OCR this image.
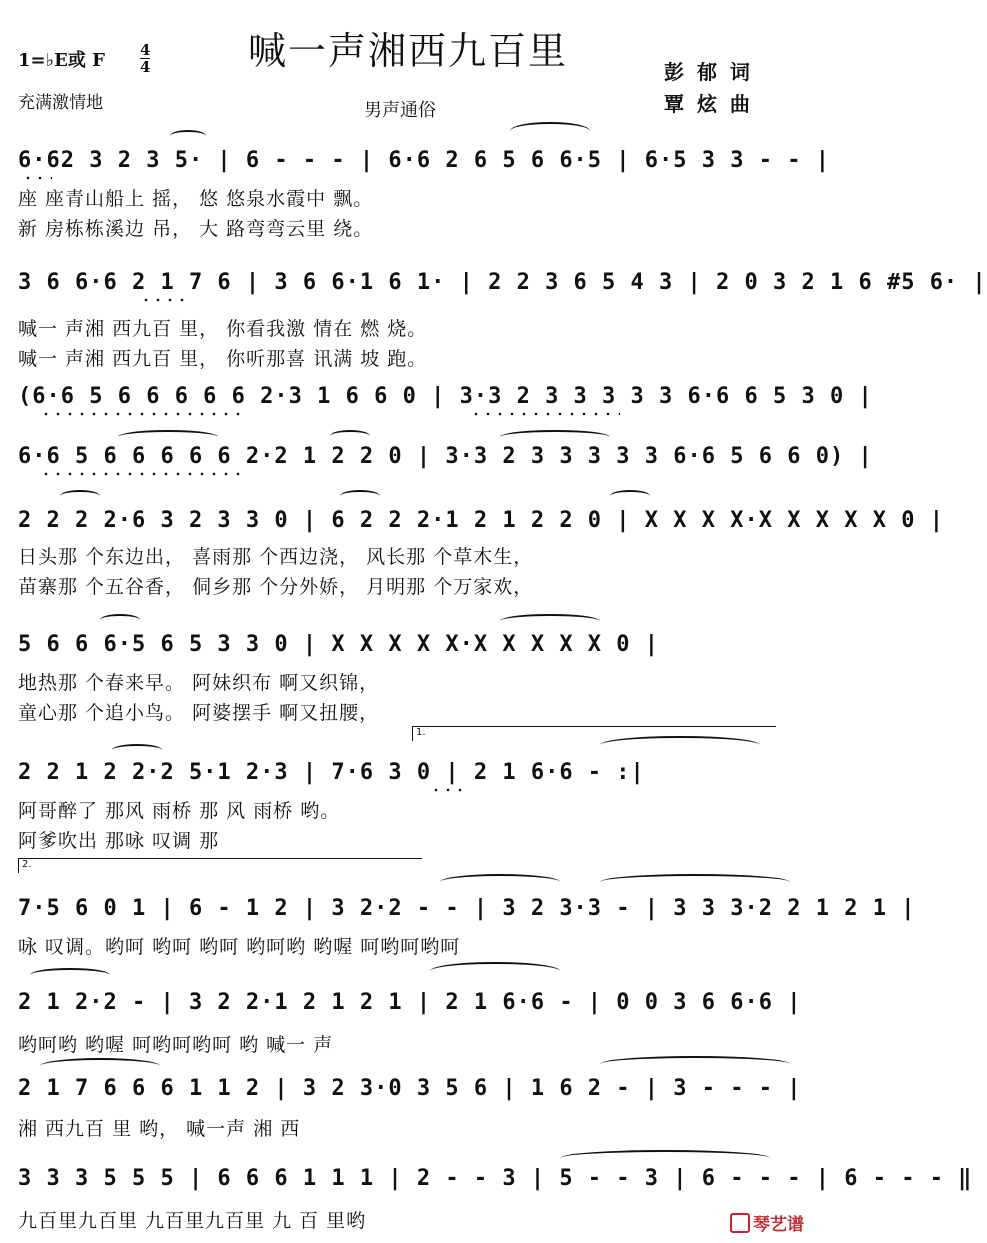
喊一声湘西九百里
1=♭E或 F 4
4
充满激情地	男声通俗
彭 郁 词
覃 炫 曲
6·62 3 2 3 5· | 6 - - - | 6·6 2 6 5 6 6·5 | 6·5 3 3 - - |
座 座青山船上 摇， 悠 悠泉水霞中 飘。
新 房栋栋溪边 吊， 大 路弯弯云里 绕。
3 6 6·6 2 1 7 6 | 3 6 6·1 6 1· | 2 2 3 6 5 4 3 | 2 0 3 2 1 6 #5 6· |
喊一 声湘 西九百 里， 你看我激 情在 燃 烧。
喊一 声湘 西九百 里， 你听那喜 讯满 坡 跑。
(6·6 5 6 6 6 6 6 2·3 1 6 6 0 | 3·3 2 3 3 3 3 3 6·6 6 5 3 0 |
6·6 5 6 6 6 6 6 2·2 1 2 2 0 | 3·3 2 3 3 3 3 3 6·6 5 6 6 0) |
2 2 2 2·6 3 2 3 3 0 | 6 2 2 2·1 2 1 2 2 0 | X X X X·X X X X X 0 |
日头那 个东边出， 喜雨那 个西边浇， 风长那 个草木生，
苗寨那 个五谷香， 侗乡那 个分外娇， 月明那 个万家欢，
5 6 6 6·5 6 5 3 3 0 | X X X X X·X X X X X 0 |
地热那 个春来早。 阿妹织布 啊又织锦，
童心那 个追小鸟。 阿婆摆手 啊又扭腰，
1.
2 2 1 2 2·2 5·1 2·3 | 7·6 3 0 | 2 1 6·6 - :|
阿哥醉了 那风 雨桥 那 风 雨桥 哟。
阿爹吹出 那咏 叹调 那
2.
7·5 6 0 1 | 6 - 1 2 | 3 2·2 - - | 3 2 3·3 - | 3 3 3·2 2 1 2 1 |
咏 叹调。哟呵 哟呵 哟呵 哟呵哟 哟喔 呵哟呵哟呵
2 1 2·2 - | 3 2 2·1 2 1 2 1 | 2 1 6·6 - | 0 0 3 6 6·6 |
哟呵哟 哟喔 呵哟呵哟呵 哟 喊一 声
2 1 7 6 6 6 1 1 2 | 3 2 3·0 3 5 6 | 1 6 2 - | 3 - - - |
湘 西九百 里 哟， 喊一声 湘 西
3 3 3 5 5 5 | 6 6 6 1 1 1 | 2 - - 3 | 5 - - 3 | 6 - - - | 6 - - - ‖
九百里九百里 九百里九百里 九 百 里哟	琴艺谱
